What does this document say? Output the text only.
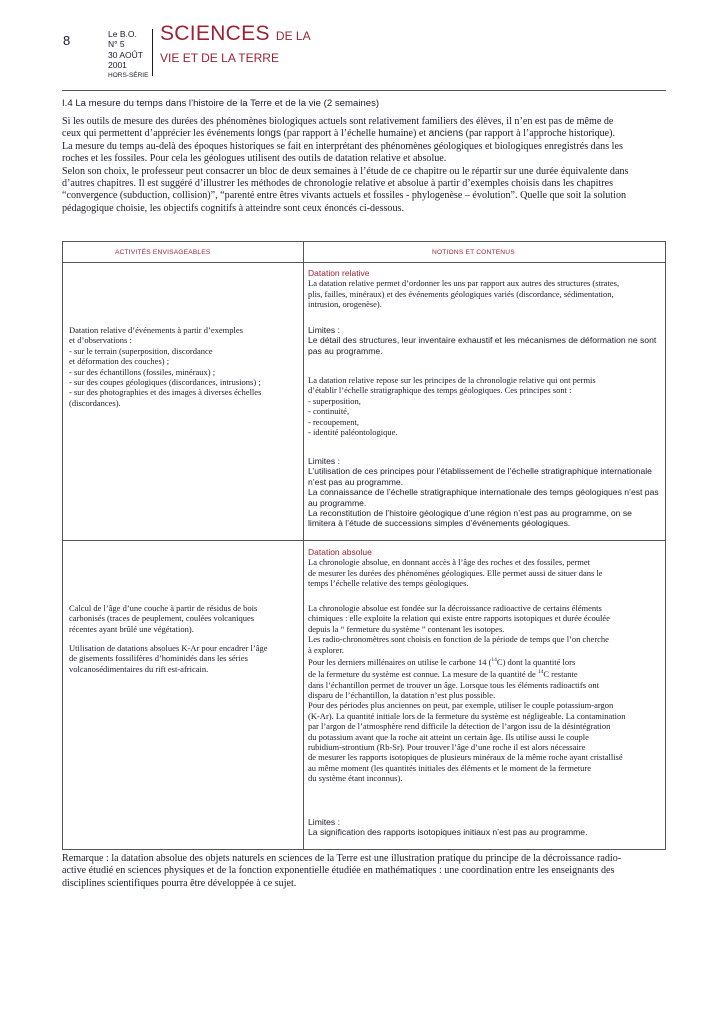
8	Le B.O.
N° 5
30 AOÛT
2001
HORS-SÉRIE
SCIENCES DE LA
VIE ET DE LA TERRE
I.4 La mesure du temps dans l’histoire de la Terre et de la vie (2 semaines)

Si les outils de mesure des durées des phénomènes biologiques actuels sont relativement familiers des élèves, il n’en est pas de même de

ceux qui permettent d’apprécier les événements longs (par rapport à l’échelle humaine) et anciens (par rapport à l’approche historique).

La mesure du temps au-delà des époques historiques se fait en interprétant des phénomènes géologiques et biologiques enregistrés dans les

roches et les fossiles. Pour cela les géologues utilisent des outils de datation relative et absolue.

Selon son choix, le professeur peut consacrer un bloc de deux semaines à l’étude de ce chapitre ou le répartir sur une durée équivalente dans

d’autres chapitres. Il est suggéré d’illustrer les méthodes de chronologie relative et absolue à partir d’exemples choisis dans les chapitres

“convergence (subduction, collision)”, “parenté entre êtres vivants actuels et fossiles - phylogenèse – évolution”. Quelle que soit la solution

pédagogique choisie, les objectifs cognitifs à atteindre sont ceux énoncés ci-dessous.

ACTIVITÉS ENVISAGEABLES	NOTIONS ET CONTENUS
Datation relative d’événements à partir d’exemples
et d’observations :
- sur le terrain (superposition, discordance
et déformation des couches) ;
- sur des échantillons (fossiles, minéraux) ;
- sur des coupes géologiques (discordances, intrusions) ;
- sur des photographies et des images à diverses échelles
(discordances).
Datation relative
La datation relative permet d’ordonner les uns par rapport aux autres des structures (strates,
plis, failles, minéraux) et des événements géologiques variés (discordance, sédimentation,
intrusion, orogenèse).
Limites :
Le détail des structures, leur inventaire exhaustif et les mécanismes de déformation ne sont
pas au programme.
La datation relative repose sur les principes de la chronologie relative qui ont permis
d’établir l’échelle stratigraphique des temps géologiques. Ces principes sont :
- superposition,
- continuité,
- recoupement,
- identité paléontologique.
Limites :
L’utilisation de ces principes pour l’établissement de l’échelle stratigraphique internationale
n’est pas au programme.
La connaissance de l’échelle stratigraphique internationale des temps géologiques n’est pas
au programme.
La reconstitution de l’histoire géologique d’une région n’est pas au programme, on se
limitera à l’étude de successions simples d’événements géologiques.
Calcul de l’âge d’une couche à partir de résidus de bois
carbonisés (traces de peuplement, coulées volcaniques
récentes ayant brûlé une végétation).
Utilisation de datations absolues K-Ar pour encadrer l’âge
de gisements fossilifères d’hominidés dans les séries
volcanosédimentaires du rift est-africain.
Datation absolue
La chronologie absolue, en donnant accès à l’âge des roches et des fossiles, permet
de mesurer les durées des phénomènes géologiques. Elle permet aussi de situer dans le
temps l’échelle relative des temps géologiques.
La chronologie absolue est fondée sur la décroissance radioactive de certains éléments
chimiques : elle exploite la relation qui existe entre rapports isotopiques et durée écoulée
depuis la “ fermeture du système ” contenant les isotopes.
Les radio-chronomètres sont choisis en fonction de la période de temps que l’on cherche
à explorer.
Pour les derniers millénaires on utilise le carbone 14 ($^{14}$C) dont la quantité lors
de la fermeture du système est connue. La mesure de la quantité de $^{14}$C restante
dans l’échantillon permet de trouver un âge. Lorsque tous les éléments radioactifs ont
disparu de l’échantillon, la datation n’est plus possible.
Pour des périodes plus anciennes on peut, par exemple, utiliser le couple potassium-argon
(K-Ar). La quantité initiale lors de la fermeture du système est négligeable. La contamination
par l’argon de l’atmosphère rend difficile la détection de l’argon issu de la désintégration
du potassium avant que la roche ait atteint un certain âge. Ils utilise aussi le couple
rubidium-strontium (Rb-Sr). Pour trouver l’âge d’une roche il est alors nécessaire
de mesurer les rapports isotopiques de plusieurs minéraux de la même roche ayant cristallisé
au même moment (les quantités initiales des éléments et le moment de la fermeture
du système étant inconnus).
Limites :
La signification des rapports isotopiques initiaux n’est pas au programme.
Remarque : la datation absolue des objets naturels en sciences de la Terre est une illustration pratique du principe de la décroissance radio-
active étudié en sciences physiques et de la fonction exponentielle étudiée en mathématiques : une coordination entre les enseignants des
disciplines scientifiques pourra être développée à ce sujet.
